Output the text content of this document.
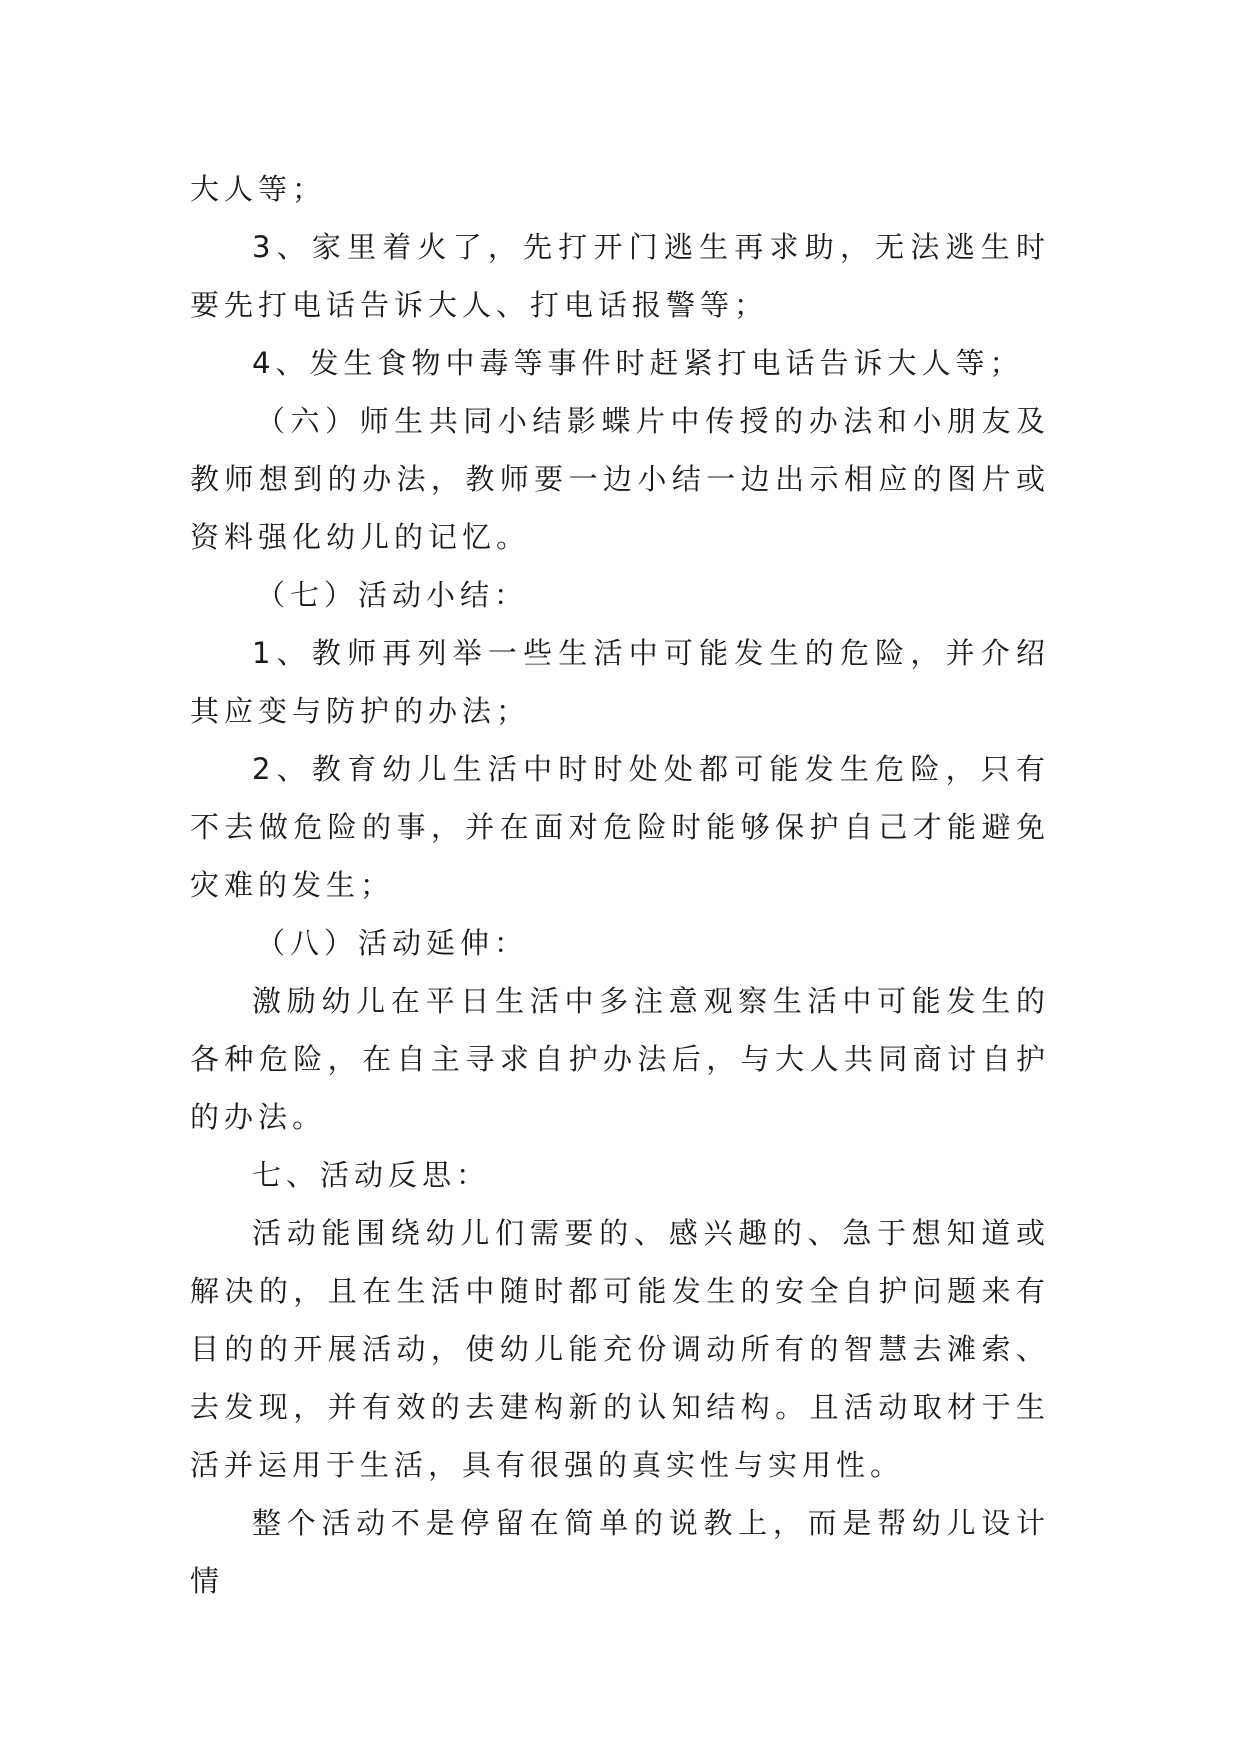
大人等；

3、家里着火了，先打开门逃生再求助，无法逃生时要先打电话告诉大人、打电话报警等；

4、发生食物中毒等事件时赶紧打电话告诉大人等；

（六）师生共同小结影蝶片中传授的办法和小朋友及教师想到的办法，教师要一边小结一边出示相应的图片或资料强化幼儿的记忆。

（七）活动小结：

1、教师再列举一些生活中可能发生的危险，并介绍其应变与防护的办法；

2、教育幼儿生活中时时处处都可能发生危险，只有不去做危险的事，并在面对危险时能够保护自己才能避免灾难的发生；

（八）活动延伸：

激励幼儿在平日生活中多注意观察生活中可能发生的各种危险，在自主寻求自护办法后，与大人共同商讨自护的办法。

七、活动反思：

活动能围绕幼儿们需要的、感兴趣的、急于想知道或解决的，且在生活中随时都可能发生的安全自护问题来有目的的开展活动，使幼儿能充份调动所有的智慧去滩索、去发现，并有效的去建构新的认知结构。且活动取材于生活并运用于生活，具有很强的真实性与实用性。

整个活动不是停留在简单的说教上，而是帮幼儿设计情
